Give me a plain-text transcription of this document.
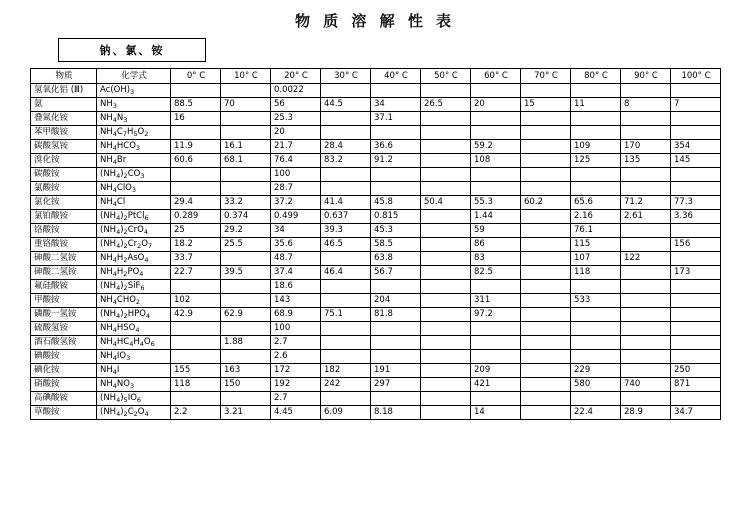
物 质 溶 解 性 表
钠、氯、铵
物质	化学式	0° C	10° C	20° C	30° C	40° C	50° C	60° C	70° C	80° C	90° C	100° C
氢氧化铝 (Ⅲ)	$Ac(OH)_3$			0.0022								
氨	$NH_3$	88.5	70	56	44.5	34	26.5	20	15	11	8	7
叠氮化铵	$NH_4N_3$	16		25.3		37.1						
苯甲酸铵	$NH_4C_7H_5O_2$			20								
碳酸氢铵	$NH_4HCO_3$	11.9	16.1	21.7	28.4	36.6		59.2		109	170	354
溴化铵	$NH_4Br$	60.6	68.1	76.4	83.2	91.2		108		125	135	145
碳酸铵	$(NH_4)_2CO_3$			100								
氯酸铵	$NH_4ClO_3$			28.7								
氯化铵	$NH_4Cl$	29.4	33.2	37.2	41.4	45.8	50.4	55.3	60.2	65.6	71.2	77.3
氯铂酸铵	$(NH_4)_2PtCl_6$	0.289	0.374	0.499	0.637	0.815		1.44		2.16	2.61	3.36
铬酸铵	$(NH_4)_2CrO_4$	25	29.2	34	39.3	45.3		59		76.1		
重铬酸铵	$(NH_4)_2Cr_2O_7$	18.2	25.5	35.6	46.5	58.5		86		115		156
砷酸二氢铵	$NH_4H_2AsO_4$	33.7		48.7		63.8		83		107	122	
砷酸二氢铵	$NH_4H_2PO_4$	22.7	39.5	37.4	46.4	56.7		82.5		118		173
氟硅酸铵	$(NH_4)_2SiF_6$			18.6								
甲酸铵	$NH_4CHO_2$	102		143		204		311		533		
磷酸一氢铵	$(NH_4)_2HPO_4$	42.9	62.9	68.9	75.1	81.8		97.2				
硫酸氢铵	$NH_4HSO_4$			100								
酒石酸氢铵	$NH_4HC_4H_4O_6$		1.88	2.7								
碘酸铵	$NH_4IO_3$			2.6								
碘化铵	$NH_4I$	155	163	172	182	191		209		229		250
硝酸铵	$NH_4NO_3$	118	150	192	242	297		421		580	740	871
高碘酸铵	$(NH_4)_5IO_6$			2.7								
草酸铵	$(NH_4)_2C_2O_4$	2.2	3.21	4.45	6.09	8.18		14		22.4	28.9	34.7
